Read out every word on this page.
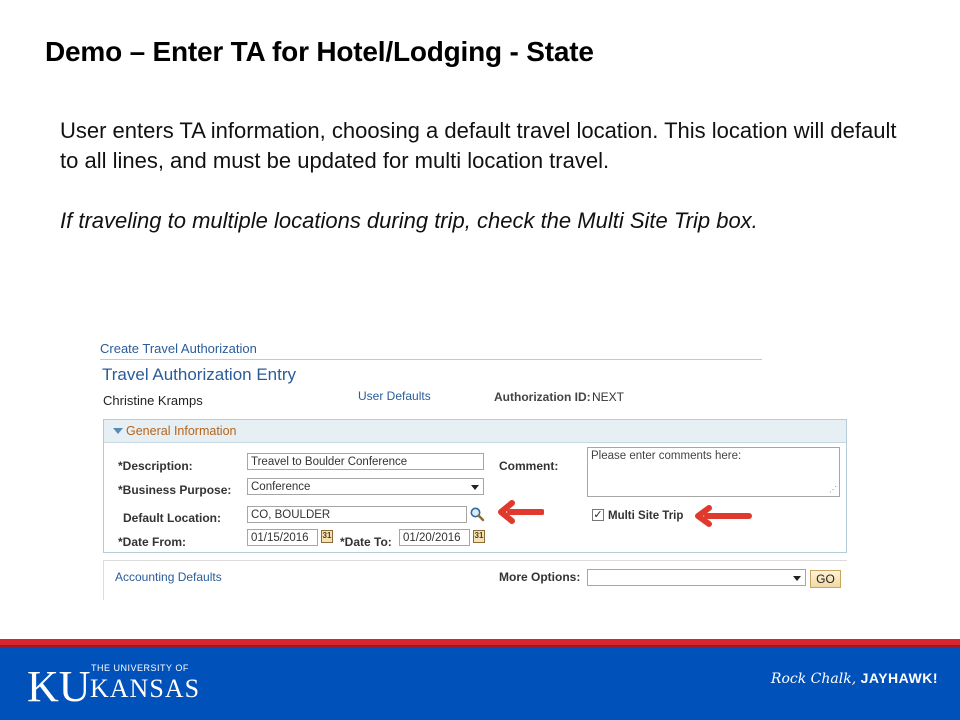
Demo – Enter TA for Hotel/Lodging - State
User enters TA information, choosing a default travel location. This location will default to all lines, and must be updated for multi location travel.
If traveling to multiple locations during trip, check the Multi Site Trip box.
Create Travel Authorization
Travel Authorization Entry
Christine Kramps	User Defaults	Authorization ID: NEXT
General Information
*Description:	Treavel to Boulder Conference
*Business Purpose:	Conference
Default Location:	CO, BOULDER
*Date From:	01/15/2016	31 *Date To: 01/20/2016	31
Comment:
Please enter comments here:
⋰
✓ Multi Site Trip
Accounting Defaults	More Options:	GO
KU THE UNIVERSITY OF
KANSAS	Rock Chalk, JAYHAWK!
